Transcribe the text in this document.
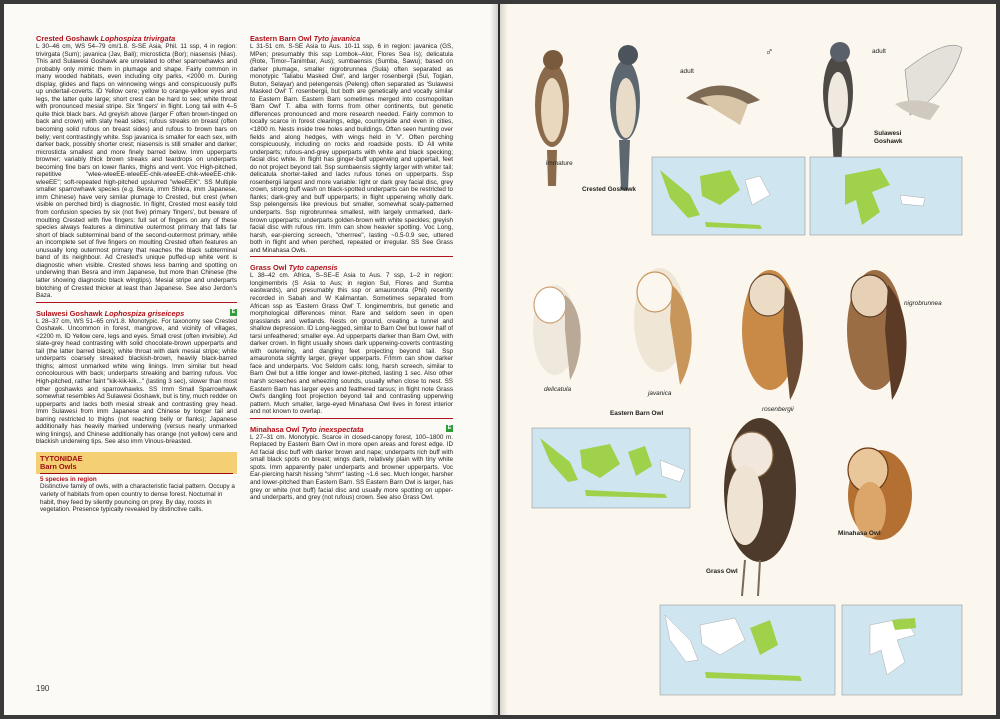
Crested Goshawk Lophospiza trivirgata
L 30–46 cm, WS 54–79 cm/1.8. S-SE Asia, Phil. 11 ssp, 4 in region: trivirgata (Sum); javanica (Jav, Bali); microstictа (Bor); niasensis (Nias). This and Sulawesi Goshawk are unrelated to other sparrowhawks and probably only mimic them in plumage and shape. Fairly common in many wooded habitats, even including city parks, <2000 m. During display, glides and flaps on winnowing wings and conspicuously puffs up undertail-coverts. ID Yellow cere; yellow to orange-yellow eyes and legs, the latter quite large; short crest can be hard to see; white throat with pronounced mesial stripe. Six 'fingers' in flight. Long tail with 4–5 quite thick black bars. Ad greyish above (larger F often brown-tinged on back and crown) with slaty head sides; rufous streaks on breast (often becoming solid rufous on breast sides) and rufous to brown bars on belly; vent contrastingly white. Ssp javanica is smaller for each sex, with darker back, possibly shorter crest; niasensis is still smaller and darker; microsticta smallest and more finely barred below. Imm upperparts browner; variably thick brown streaks and teardrops on underparts becoming fine bars on lower flanks, thighs and vent. Voc High-pitched, repetitive "wlee-wleeEE-wleeEE-chik-wleeEE-chik-wleeEE-chik-wleeEE"; soft-repeated high-pitched upslurred "wleeEEK". SS Multiple smaller sparrowhawk species (e.g. Besra, imm Shikra, imm Japanese, imm Chinese) have very similar plumage to Crested, but crest (when visible on perched bird) is diagnostic. In flight, Crested most easily told from confusion species by six (not five) primary 'fingers', but beware of moulting Crested with five fingers: full set of fingers on any of these species always features a diminutive outermost primary that falls far short of black subterminal band of the second-outermost primary, while an incomplete set of five fingers on moulting Crested often features an unusually long outermost primary that reaches the black subterminal band of its neighbour. Ad Crested's unique puffed-up white vent is diagnostic when visible. Crested shows less barring and spotting on underwing than Besra and imm Japanese, but more than Chinese (the latter showing diagnostic black wingtips). Mesial stripe and underparts blotching of Crested thicker at least than Japanese. See also Jerdon's Baza.
Sulawesi Goshawk Lophospiza griseiceps	E
L 28–37 cm, WS 51–65 cm/1.8. Monotypic. For taxonomy see Crested Goshawk. Uncommon in forest, mangrove, and vicinity of villages, <2200 m. ID Yellow cere, legs and eyes. Small crest (often invisible). Ad slate-grey head contrasting with solid chocolate-brown upperparts and tail (the latter barred black); white throat with dark mesial stripe; white underparts coarsely streaked blackish-brown, heavily black-barred thighs; almost unmarked white wing linings. Imm similar but head concolourous with back; underparts streaking and barring rufous. Voc High-pitched, rather faint "kik-kik-kik..." (lasting 3 sec), slower than most other goshawks and sparrowhawks. SS Imm Small Sparrowhawk somewhat resembles Ad Sulawesi Goshawk, but is tiny, much redder on upperparts and lacks both mesial streak and contrasting grey head. Imm Sulawesi from imm Japanese and Chinese by longer tail and barring restricted to thighs (not reaching belly or flanks); Japanese additionally has heavily marked underwing (versus nearly unmarked wing linings), and Chinese additionally has orange (not yellow) cere and blackish underwing tips. See also imm Vinous-breasted.
TYTONIDAE
Barn Owls
5 species in region
Distinctive family of owls, with a characteristic facial pattern. Occupy a variety of habitats from open country to dense forest. Nocturnal in habit, they feed by silently pouncing on prey. By day, roosts in vegetation. Presence typically revealed by distinctive calls.
Eastern Barn Owl Tyto javanica
L 31-51 cm. S-SE Asia to Aus. 10-11 ssp, 6 in region: javanica (GS, MPen; presumably this ssp Lombok–Alor, Flores Sea Is); delicatula (Rote, Timor–Tanimbar, Aus); sumbaensis (Sumba, Sawu); based on darker plumage, smaller nigrobrunnea (Sula) often separated as monotypic 'Taliabu Masked Owl', and larger rosenbergii (Sul, Togian, Buton, Selayar) and pelengensis (Peleng) often separated as 'Sulawesi Masked Owl' T. rosenbergii, but both are genetically and vocally similar to Eastern Barn. Eastern Barn sometimes merged into cosmopolitan 'Barn Owl' T. alba with forms from other continents, but genetic differences pronounced and more research needed. Fairly common to locally scarce in forest clearings, edge, countryside and even in cities, <1800 m. Nests inside tree holes and buildings. Often seen hunting over fields and along hedges, with wings held in 'V'. Often perching conspicuously, including on rocks and roadside posts. ID All white underparts; rufous-and-grey upperparts with white and black specking; facial disc white. In flight has ginger-buff upperwing and uppertail, feet do not project beyond tail. Ssp sumbaensis slightly larger with whiter tail; delicatula shorter-tailed and lacks rufous tones on upperparts. Ssp rosenbergii largest and more variable: light or dark grey facial disc, grey crown, strong buff wash on black-spotted underparts can be restricted to flanks; dark-grey and buff upperparts; in flight upperwing wholly dark. Ssp pelengensis like previous but smaller, somewhat scaly-patterned underparts. Ssp nigrobrunnea smallest, with largely unmarked, dark-brown upperparts; underparts golden-brown with white speckles; greyish facial disc with rufous rim. Imm can show heavier spotting. Voc Long, harsh, ear-piercing screech, "cherrree", lasting ~0.5-0.9 sec, uttered both in flight and when perched, repeated or irregular. SS See Grass and Minahasa Owls.
Grass Owl Tyto capensis
L 38–42 cm. Africa, S–SE–E Asia to Aus. 7 ssp, 1–2 in region: longimembris (S Asia to Aus; in region Sul, Flores and Sumba eastwards), and presumably this ssp or amauronota (Phil) recently recorded in Sabah and W Kalimantan. Sometimes separated from African ssp as 'Eastern Grass Owl' T. longimembris, but genetic and morphological differences minor. Rare and seldom seen in open grasslands and wetlands. Nests on ground, creating a tunnel and shallow depression. ID Long-legged, similar to Barn Owl but lower half of tarsi unfeathered; smaller eye. Ad upperparts darker than Barn Owl, with darker crown. In flight usually shows dark upperwing-coverts contrasting with outerwing, and dangling feet projecting beyond tail. Ssp amauronota slightly larger, greyer upperparts. F/Imm can show darker face and underparts. Voc Seldom calls: long, harsh screech, similar to Barn Owl but a little longer and lower-pitched, lasting 1 sec. Also other harsh screeches and wheezing sounds, usually when close to nest. SS Eastern Barn has larger eyes and feathered tarsus; in flight note Grass Owl's dangling foot projection beyond tail and contrasting upperwing pattern. Much smaller, large-eyed Minahasa Owl lives in forest interior and not known to overlap.
Minahasa Owl Tyto inexspectata	E
L 27–31 cm. Monotypic. Scarce in closed-canopy forest, 100–1800 m. Replaced by Eastern Barn Owl in more open areas and forest edge. ID Ad facial disc buff with darker brown and nape; underparts rich buff with small black spots on breast; wings dark, relatively plain with tiny white spots. Imm apparently paler underparts and browner upperparts. Voc Ear-piercing harsh hissing "shrrrr" lasting ~1.6 sec. Much longer, harsher and lower-pitched than Eastern Barn. SS Eastern Barn Owl is larger, has grey or white (not buff) facial disc and usually more spotting on upper- and underparts, and grey (not rufous) crown. See also Grass Owl.
190
immature
adult
♂	adult
Sulawesi Goshawk
Crested Goshawk
delicatula
javanica
Eastern Barn Owl
rosenbergii
nigrobrunnea
Minahasa Owl
Grass Owl
